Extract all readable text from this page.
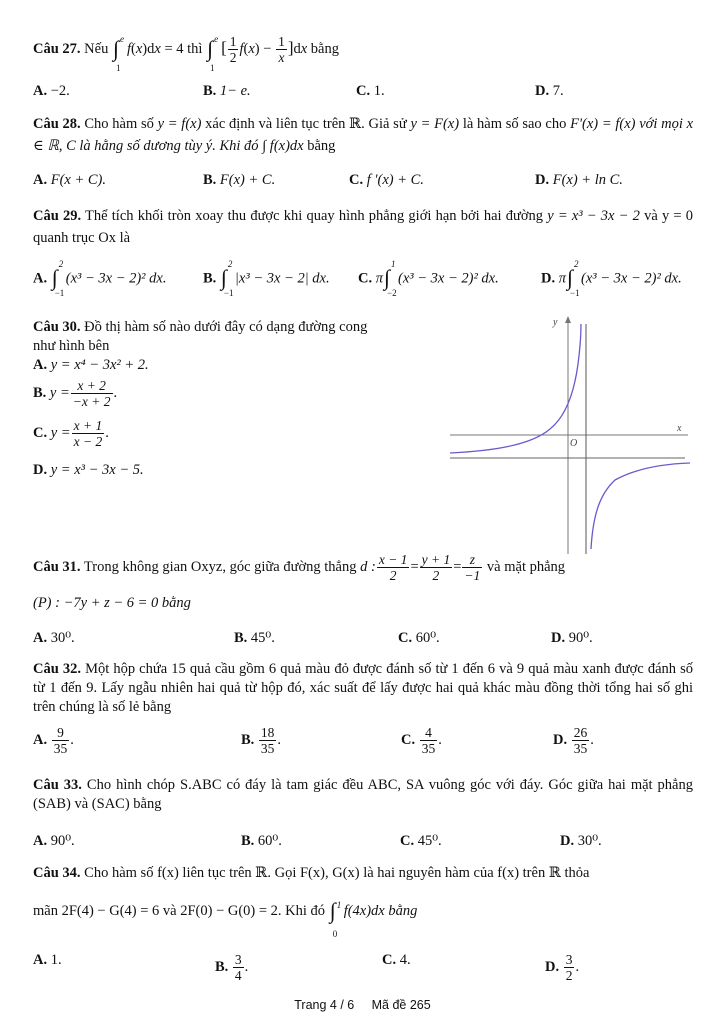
Câu 27. Nếu ∫ e
1
f(x)dx = 4 thì ∫ e
1
[ $\frac{1}{2} f(x) - \frac{1}{x} ]dx$ bằng
A. −2.	B. 1− e.	C. 1.	D. 7.
Câu 28. Cho hàm số y = f(x) xác định và liên tục trên ℝ. Giả sử y = F(x) là hàm số sao cho F'(x) = f(x) với mọi x ∈ ℝ, C là hằng số dương tùy ý. Khi đó ∫ f(x)dx bằng
A. F(x + C).	B. F(x) + C.	C. f '(x) + C.	D. F(x) + ln C.
Câu 29. Thể tích khối tròn xoay thu được khi quay hình phẳng giới hạn bởi hai đường y = x³ − 3x − 2 và y = 0 quanh trục Ox là
A. ∫
2
−1
(x³ − 3x − 2)² dx.	B. ∫
2
−1
|x³ − 3x − 2| dx. C. π ∫
1
−2
(x³ − 3x − 2)² dx.	D. π ∫
2
−1
(x³ − 3x − 2)² dx.
Câu 30. Đồ thị hàm số nào dưới đây có dạng đường cong như hình bên
A. y = x⁴ − 3x² + 2.
B. $y = \frac{x + 2}{-x + 2}$ .
C. $y = \frac{x + 1}{x - 2}$ .
D. y = x³ − 3x − 5.
y
x
O
Câu 31. Trong không gian Oxyz, góc giữa đường thẳng d : $\frac{x - 1}{2} = \frac{y + 1}{2} = \frac{z}{-1}$ và mặt phẳng
(P) : −7y + z − 6 = 0 bằng
A. 30⁰.	B. 45⁰.	C. 60⁰.	D. 90⁰.
Câu 32. Một hộp chứa 15 quả cầu gồm 6 quả màu đỏ được đánh số từ 1 đến 6 và 9 quả màu xanh được đánh số từ 1 đến 9. Lấy ngẫu nhiên hai quả từ hộp đó, xác suất để lấy được hai quả khác màu đồng thời tổng hai số ghi trên chúng là số lẻ bằng
A. $\frac{9}{35}$ .	B. $\frac{18}{35}$ .	C. $\frac{4}{35}$ .	D. $\frac{26}{35}$ .
Câu 33. Cho hình chóp S.ABC có đáy là tam giác đều ABC, SA vuông góc với đáy. Góc giữa hai mặt phẳng (SAB) và (SAC) bằng
A. 90⁰.	B. 60⁰.	C. 45⁰.	D. 30⁰.
Câu 34. Cho hàm số f(x) liên tục trên ℝ. Gọi F(x), G(x) là hai nguyên hàm của f(x) trên ℝ thỏa
mãn 2F(4) − G(4) = 6 và 2F(0) − G(0) = 2. Khi đó ∫ 1
0
f(4x)dx bằng
A. 1.	B. $\frac{3}{4}$ .	C. 4.	D. $\frac{3}{2}$ .
Trang 4 / 6 Mã đề 265
